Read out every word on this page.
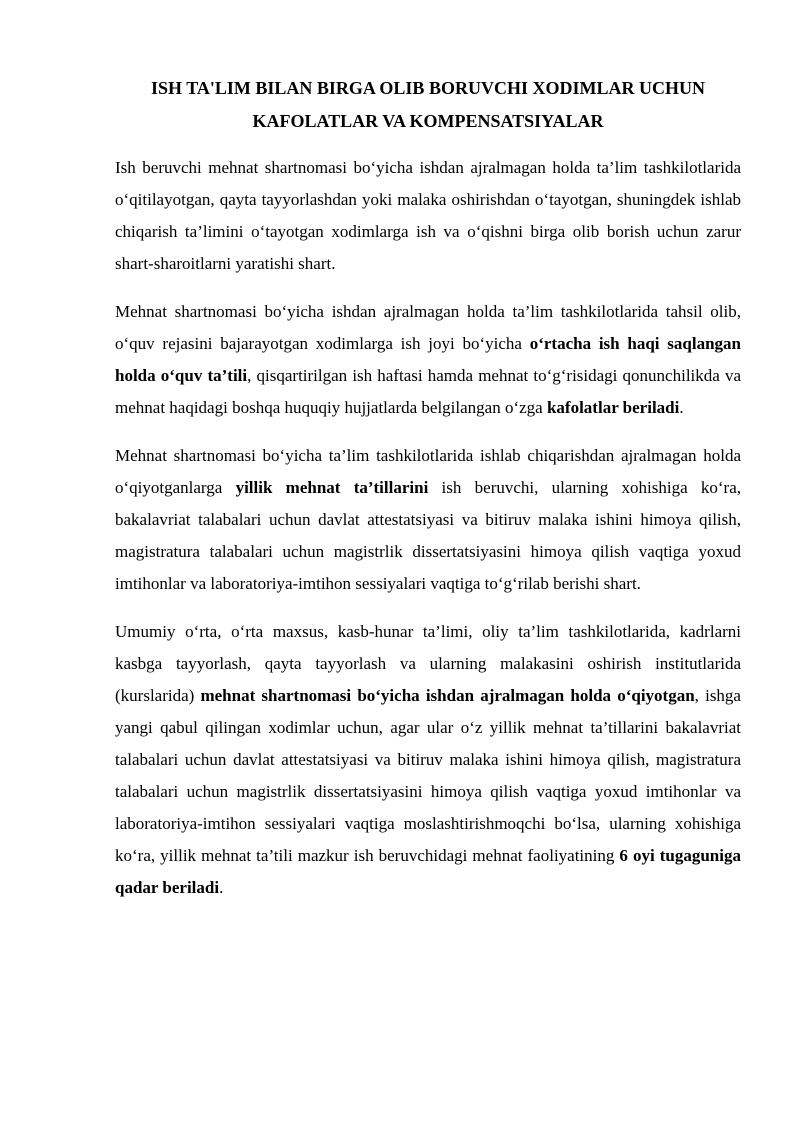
ISH TA'LIM BILAN BIRGA OLIB BORUVCHI XODIMLAR UCHUN
KAFOLATLAR VA KOMPENSATSIYALAR

Ish beruvchi mehnat shartnomasi bo‘yicha ishdan ajralmagan holda ta’lim tashkilotlarida o‘qitilayotgan, qayta tayyorlashdan yoki malaka oshirishdan o‘tayotgan, shuningdek ishlab chiqarish ta’limini o‘tayotgan xodimlarga ish va o‘qishni birga olib borish uchun zarur shart-sharoitlarni yaratishi shart.

Mehnat shartnomasi bo‘yicha ishdan ajralmagan holda ta’lim tashkilotlarida tahsil olib, o‘quv rejasini bajarayotgan xodimlarga ish joyi bo‘yicha o‘rtacha ish haqi saqlangan holda o‘quv ta’tili, qisqartirilgan ish haftasi hamda mehnat to‘g‘risidagi qonunchilikda va mehnat haqidagi boshqa huquqiy hujjatlarda belgilangan o‘zga kafolatlar beriladi.

Mehnat shartnomasi bo‘yicha ta’lim tashkilotlarida ishlab chiqarishdan ajralmagan holda o‘qiyotganlarga yillik mehnat ta’tillarini ish beruvchi, ularning xohishiga ko‘ra, bakalavriat talabalari uchun davlat attestatsiyasi va bitiruv malaka ishini himoya qilish, magistratura talabalari uchun magistrlik dissertatsiyasini himoya qilish vaqtiga yoxud imtihonlar va laboratoriya-imtihon sessiyalari vaqtiga to‘g‘rilab berishi shart.

Umumiy o‘rta, o‘rta maxsus, kasb-hunar ta’limi, oliy ta’lim tashkilotlarida, kadrlarni kasbga tayyorlash, qayta tayyorlash va ularning malakasini oshirish institutlarida (kurslarida) mehnat shartnomasi bo‘yicha ishdan ajralmagan holda o‘qiyotgan, ishga yangi qabul qilingan xodimlar uchun, agar ular o‘z yillik mehnat ta’tillarini bakalavriat talabalari uchun davlat attestatsiyasi va bitiruv malaka ishini himoya qilish, magistratura talabalari uchun magistrlik dissertatsiyasini himoya qilish vaqtiga yoxud imtihonlar va laboratoriya-imtihon sessiyalari vaqtiga moslashtirishmoqchi bo‘lsa, ularning xohishiga ko‘ra, yillik mehnat ta’tili mazkur ish beruvchidagi mehnat faoliyatining 6 oyi tugaguniga qadar beriladi.
